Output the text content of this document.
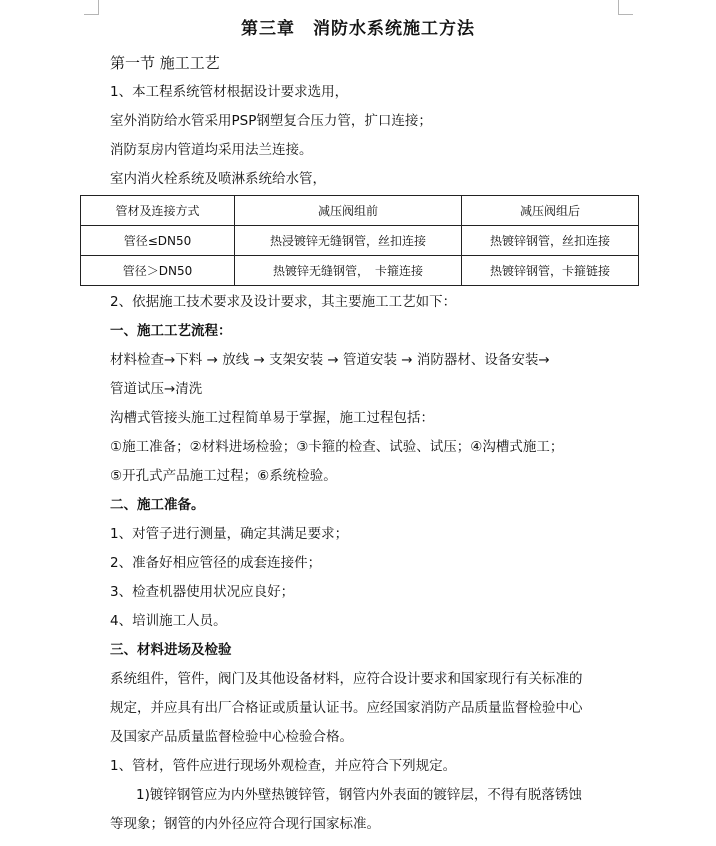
第三章　消防水系统施工方法
第一节 施工工艺
1、本工程系统管材根据设计要求选用，
室外消防给水管采用PSP钢塑复合压力管，扩口连接；
消防泵房内管道均采用法兰连接。
室内消火栓系统及喷淋系统给水管，
管材及连接方式	减压阀组前	减压阀组后
管径≤DN50	热浸镀锌无缝钢管，丝扣连接	热镀锌钢管，丝扣连接
管径＞DN50	热镀锌无缝钢管，　卡箍连接	热镀锌钢管，卡箍链接
2、依据施工技术要求及设计要求，其主要施工工艺如下：
一、施工工艺流程：
材料检查→下料 → 放线 → 支架安装 → 管道安装 → 消防器材、设备安装→
管道试压→清洗
沟槽式管接头施工过程简单易于掌握，施工过程包括：
①施工准备；②材料进场检验；③卡箍的检查、试验、试压；④沟槽式施工；
⑤开孔式产品施工过程；⑥系统检验。
二、施工准备。
1、对管子进行测量，确定其满足要求；
2、准备好相应管径的成套连接件；
3、检查机器使用状况应良好；
4、培训施工人员。
三、材料进场及检验
系统组件，管件，阀门及其他设备材料，应符合设计要求和国家现行有关标准的
规定，并应具有出厂合格证或质量认证书。应经国家消防产品质量监督检验中心
及国家产品质量监督检验中心检验合格。
1、管材，管件应进行现场外观检查，并应符合下列规定。
1)镀锌钢管应为内外壁热镀锌管，钢管内外表面的镀锌层，不得有脱落锈蚀
等现象；钢管的内外径应符合现行国家标准。
